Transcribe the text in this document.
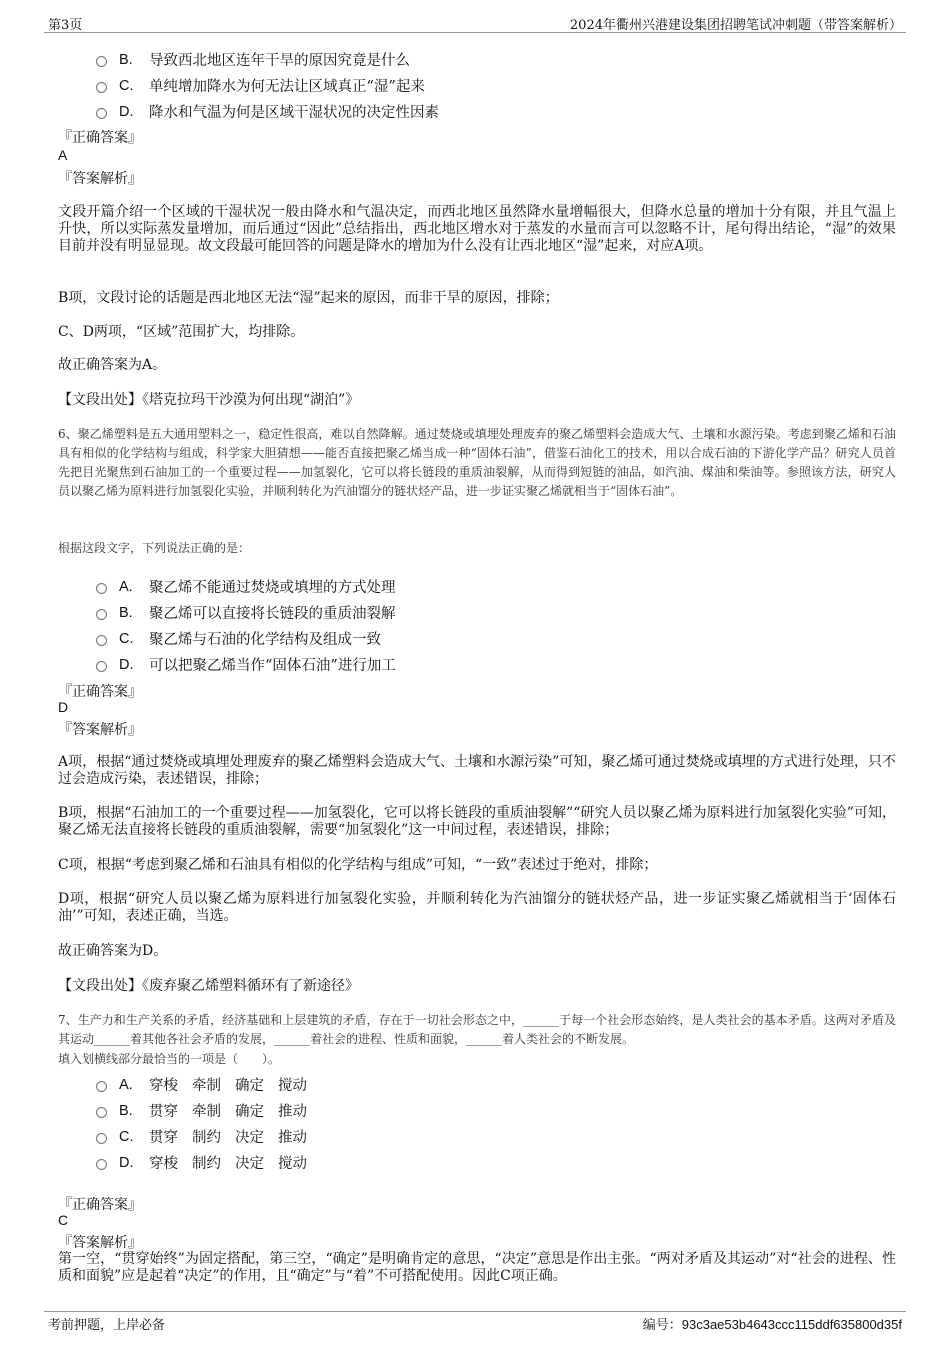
第3页	2024年衢州兴港建设集团招聘笔试冲刺题（带答案解析）
B.	导致西北地区连年干旱的原因究竟是什么
C.	单纯增加降水为何无法让区域真正“湿”起来
D.	降水和气温为何是区域干湿状况的决定性因素
『正确答案』
A
『答案解析』
文段开篇介绍一个区域的干湿状况一般由降水和气温决定，而西北地区虽然降水量增幅很大，但降水总量的增加十分有限，并且气温上升快，所以实际蒸发量增加，而后通过“因此”总结指出，西北地区增水对于蒸发的水量而言可以忽略不计，尾句得出结论，“湿”的效果目前并没有明显显现。故文段最可能回答的问题是降水的增加为什么没有让西北地区“湿”起来，对应A项。
B项，文段讨论的话题是西北地区无法“湿”起来的原因，而非干旱的原因，排除；
C、D两项，“区域”范围扩大，均排除。
故正确答案为A。
【文段出处】《塔克拉玛干沙漠为何出现“湖泊”》
6、聚乙烯塑料是五大通用塑料之一，稳定性很高，难以自然降解。通过焚烧或填埋处理废弃的聚乙烯塑料会造成大气、土壤和水源污染。考虑到聚乙烯和石油具有相似的化学结构与组成，科学家大胆猜想——能否直接把聚乙烯当成一种“固体石油”，借鉴石油化工的技术，用以合成石油的下游化学产品？研究人员首先把目光聚焦到石油加工的一个重要过程——加氢裂化，它可以将长链段的重质油裂解，从而得到短链的油品，如汽油、煤油和柴油等。参照该方法，研究人员以聚乙烯为原料进行加氢裂化实验，并顺利转化为汽油馏分的链状烃产品，进一步证实聚乙烯就相当于“固体石油”。
根据这段文字，下列说法正确的是：
A.	聚乙烯不能通过焚烧或填埋的方式处理
B.	聚乙烯可以直接将长链段的重质油裂解
C.	聚乙烯与石油的化学结构及组成一致
D.	可以把聚乙烯当作“固体石油”进行加工
『正确答案』
D
『答案解析』
A项，根据“通过焚烧或填埋处理废弃的聚乙烯塑料会造成大气、土壤和水源污染”可知，聚乙烯可通过焚烧或填埋的方式进行处理，只不过会造成污染，表述错误，排除；
B项，根据“石油加工的一个重要过程——加氢裂化，它可以将长链段的重质油裂解”“研究人员以聚乙烯为原料进行加氢裂化实验”可知，聚乙烯无法直接将长链段的重质油裂解，需要“加氢裂化”这一中间过程，表述错误，排除；
C项，根据“考虑到聚乙烯和石油具有相似的化学结构与组成”可知，“一致”表述过于绝对，排除；
D项，根据“研究人员以聚乙烯为原料进行加氢裂化实验，并顺利转化为汽油馏分的链状烃产品，进一步证实聚乙烯就相当于‘固体石油’”可知，表述正确，当选。
故正确答案为D。
【文段出处】《废弃聚乙烯塑料循环有了新途径》
7、生产力和生产关系的矛盾，经济基础和上层建筑的矛盾，存在于一切社会形态之中，______于每一个社会形态始终，是人类社会的基本矛盾。这两对矛盾及其运动______着其他各社会矛盾的发展，______着社会的进程、性质和面貌，______着人类社会的不断发展。
填入划横线部分最恰当的一项是（　　）。
A.	穿梭 牵制 确定 搅动
B.	贯穿 牵制 确定 推动
C.	贯穿 制约 决定 推动
D.	穿梭 制约 决定 搅动
『正确答案』
C
『答案解析』
第一空，“贯穿始终”为固定搭配，第三空，“确定”是明确肯定的意思，“决定”意思是作出主张。“两对矛盾及其运动”对“社会的进程、性质和面貌”应是起着“决定”的作用，且“确定”与“着”不可搭配使用。因此C项正确。
考前押题，上岸必备	编号：93c3ae53b4643ccc115ddf635800d35f
